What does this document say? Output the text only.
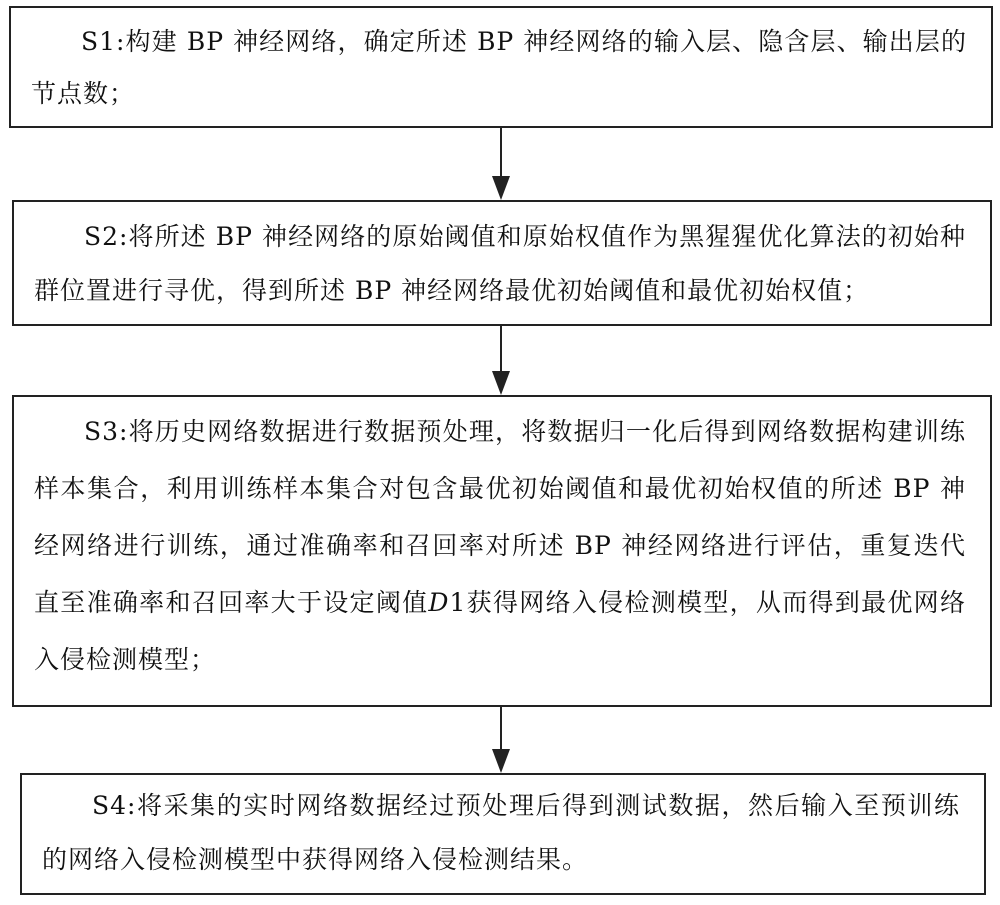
S1:构建 BP 神经网络，确定所述 BP 神经网络的输入层、隐含层、输出层的节点数；
S2:将所述 BP 神经网络的原始阈值和原始权值作为黑猩猩优化算法的初始种群位置进行寻优，得到所述 BP 神经网络最优初始阈值和最优初始权值；
S3:将历史网络数据进行数据预处理，将数据归一化后得到网络数据构建训练样本集合，利用训练样本集合对包含最优初始阈值和最优初始权值的所述 BP 神经网络进行训练，通过准确率和召回率对所述 BP 神经网络进行评估，重复迭代直至准确率和召回率大于设定阈值D1获得网络入侵检测模型，从而得到最优网络入侵检测模型；
S4:将采集的实时网络数据经过预处理后得到测试数据，然后输入至预训练的网络入侵检测模型中获得网络入侵检测结果。
